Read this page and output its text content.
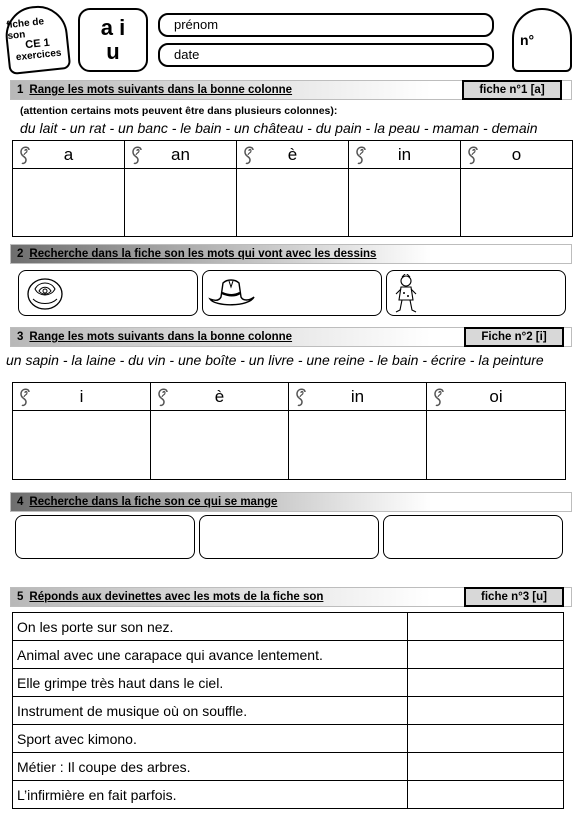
fiche de son
CE 1
exercices
a i
u
prénom
date
n°
1 Range les mots suivants dans la bonne colonne	fiche n°1 [a]
(attention certains mots peuvent être dans plusieurs colonnes):
du lait - un rat - un banc - le bain - un château - du pain - la peau - maman - demain
a	an	è	in	o
2 Recherche dans la fiche son les mots qui vont avec les dessins
3 Range les mots suivants dans la bonne colonne	Fiche n°2 [i]
un sapin - la laine - du vin - une boîte - un livre - une reine - le bain - écrire - la peinture
i	è	in	oi
4 Recherche dans la fiche son ce qui se mange
5 Réponds aux devinettes avec les mots de la fiche son	fiche n°3 [u]
On les porte sur son nez.	
Animal avec une carapace qui avance lentement.	
Elle grimpe très haut dans le ciel.	
Instrument de musique où on souffle.	
Sport avec kimono.	
Métier : Il coupe des arbres.	
L’infirmière en fait parfois.	
